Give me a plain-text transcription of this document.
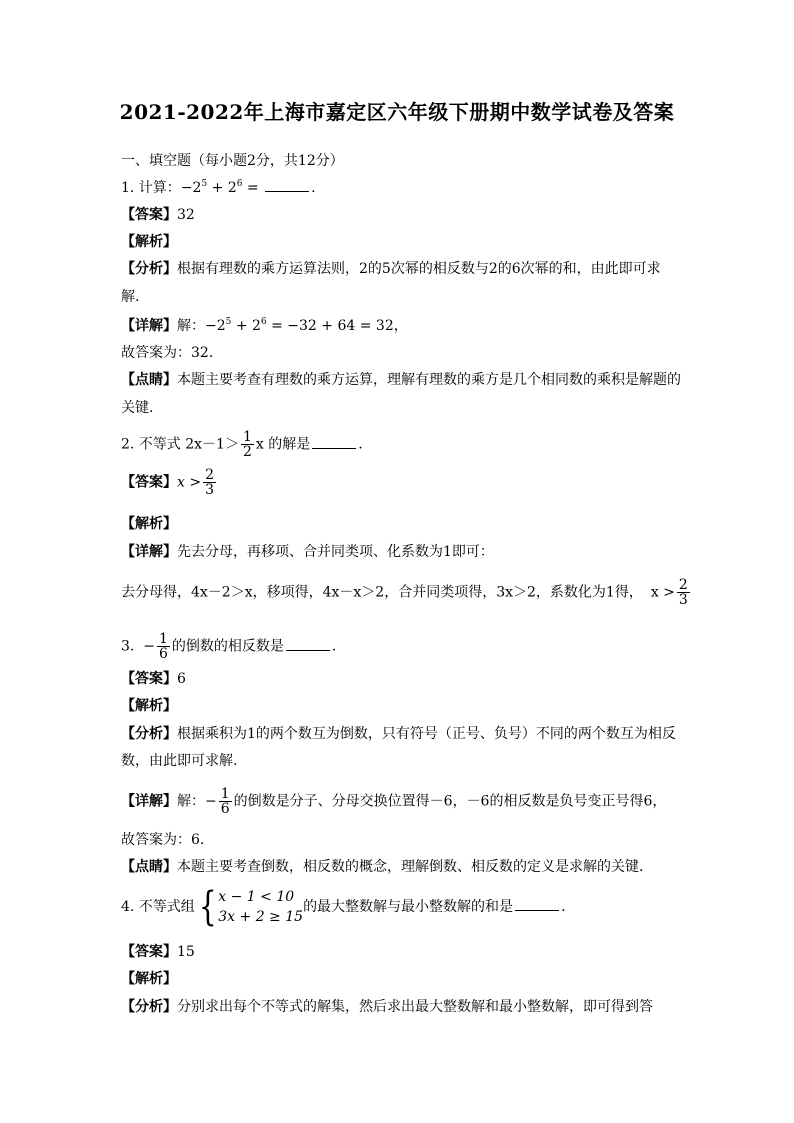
2021-2022年上海市嘉定区六年级下册期中数学试卷及答案
一、填空题（每小题2分，共12分）
1. 计算：$-2^5 + 2^6$ =	.
【答案】32
【解析】
【分析】根据有理数的乘方运算法则，2的5次幂的相反数与2的6次幂的和，由此即可求
解.
【详解】解：$-2^5 + 2^6 = -32 + 64 = 32$，
故答案为：32.
【点睛】本题主要考查有理数的乘方运算，理解有理数的乘方是几个相同数的乘积是解题的
关键.
2. 不等式 $2x-1> \frac{1}{2}$ x 的解是	.
【答案】$x > \frac{2}{3}$
【解析】
【详解】先去分母，再移项、合并同类项、化系数为1即可：
去分母得，4x－2＞x，移项得，4x－x＞2，合并同类项得，3x＞2，系数化为1得， $x > \frac{2}{3}$
3. − $\frac{1}{6}$ 的倒数的相反数是	.
【答案】6
【解析】
【分析】根据乘积为1的两个数互为倒数，只有符号（正号、负号）不同的两个数互为相反
数，由此即可求解.
【详解】解：− $\frac{1}{6}$ 的倒数是分子、分母交换位置得－6，－6的相反数是负号变正号得6，
故答案为：6.
【点睛】本题主要考查倒数，相反数的概念，理解倒数、相反数的定义是求解的关键.
4. 不等式组{ x − 1 < 10
3x + 2 ≥ 15
的最大整数解与最小整数解的和是	.
【答案】15
【解析】
【分析】分别求出每个不等式的解集，然后求出最大整数解和最小整数解，即可得到答
